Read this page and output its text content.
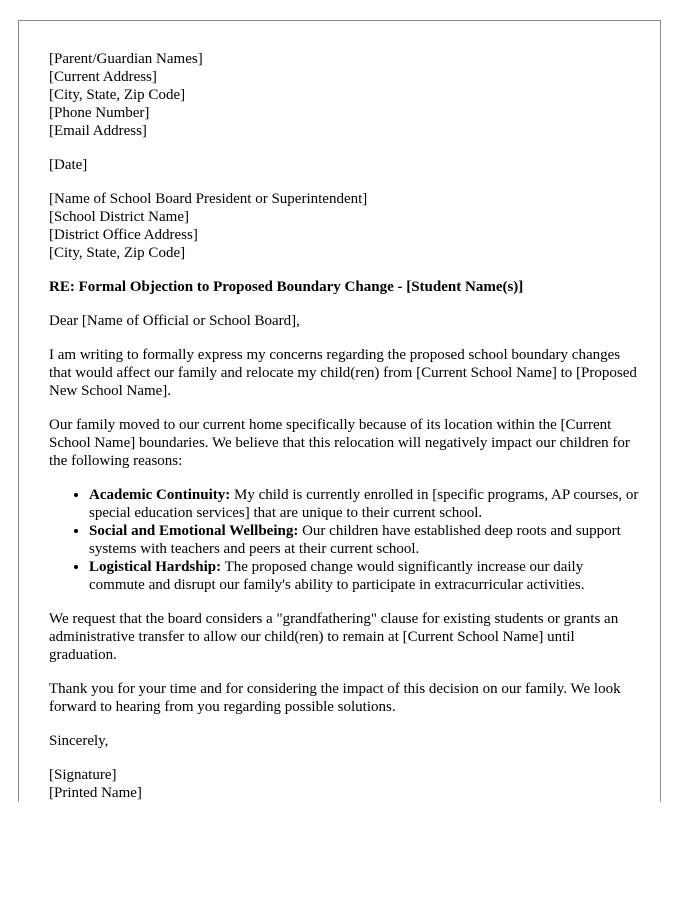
[Parent/Guardian Names]
[Current Address]
[City, State, Zip Code]
[Phone Number]
[Email Address]

[Date]

[Name of School Board President or Superintendent]
[School District Name]
[District Office Address]
[City, State, Zip Code]

RE: Formal Objection to Proposed Boundary Change - [Student Name(s)]

Dear [Name of Official or School Board],

I am writing to formally express my concerns regarding the proposed school boundary changes that would affect our family and relocate my child(ren) from [Current School Name] to [Proposed New School Name].

Our family moved to our current home specifically because of its location within the [Current School Name] boundaries. We believe that this relocation will negatively impact our children for the following reasons:

• Academic Continuity: My child is currently enrolled in [specific programs, AP courses, or special education services] that are unique to their current school.
• Social and Emotional Wellbeing: Our children have established deep roots and support systems with teachers and peers at their current school.
• Logistical Hardship: The proposed change would significantly increase our daily commute and disrupt our family's ability to participate in extracurricular activities.

We request that the board considers a "grandfathering" clause for existing students or grants an administrative transfer to allow our child(ren) to remain at [Current School Name] until graduation.

Thank you for your time and for considering the impact of this decision on our family. We look forward to hearing from you regarding possible solutions.

Sincerely,

[Signature]
[Printed Name]
